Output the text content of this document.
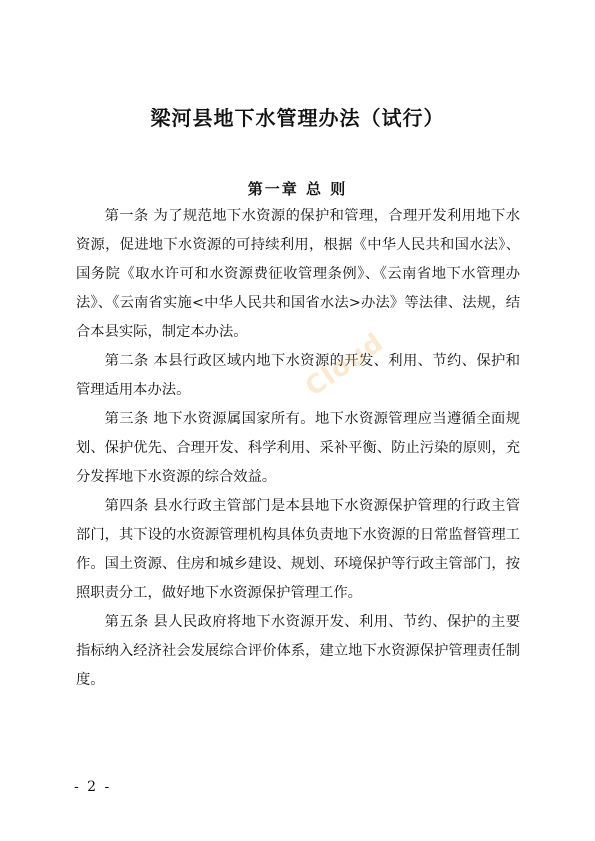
梁河县地下水管理办法（试行）
第一章 总 则

第一条 为了规范地下水资源的保护和管理，合理开发利用地下水资源，促进地下水资源的可持续利用，根据《中华人民共和国水法》、国务院《取水许可和水资源费征收管理条例》、《云南省地下水管理办法》、《云南省实施<中华人民共和国省水法>办法》等法律、法规，结合本县实际，制定本办法。

第二条 本县行政区域内地下水资源的开发、利用、节约、保护和管理适用本办法。

第三条 地下水资源属国家所有。地下水资源管理应当遵循全面规划、保护优先、合理开发、科学利用、采补平衡、防止污染的原则，充分发挥地下水资源的综合效益。

第四条 县水行政主管部门是本县地下水资源保护管理的行政主管部门，其下设的水资源管理机构具体负责地下水资源的日常监督管理工作。国土资源、住房和城乡建设、规划、环境保护等行政主管部门，按照职责分工，做好地下水资源保护管理工作。

第五条 县人民政府将地下水资源开发、利用、节约、保护的主要指标纳入经济社会发展综合评价体系，建立地下水资源保护管理责任制度。

Cloud
- 2 -
